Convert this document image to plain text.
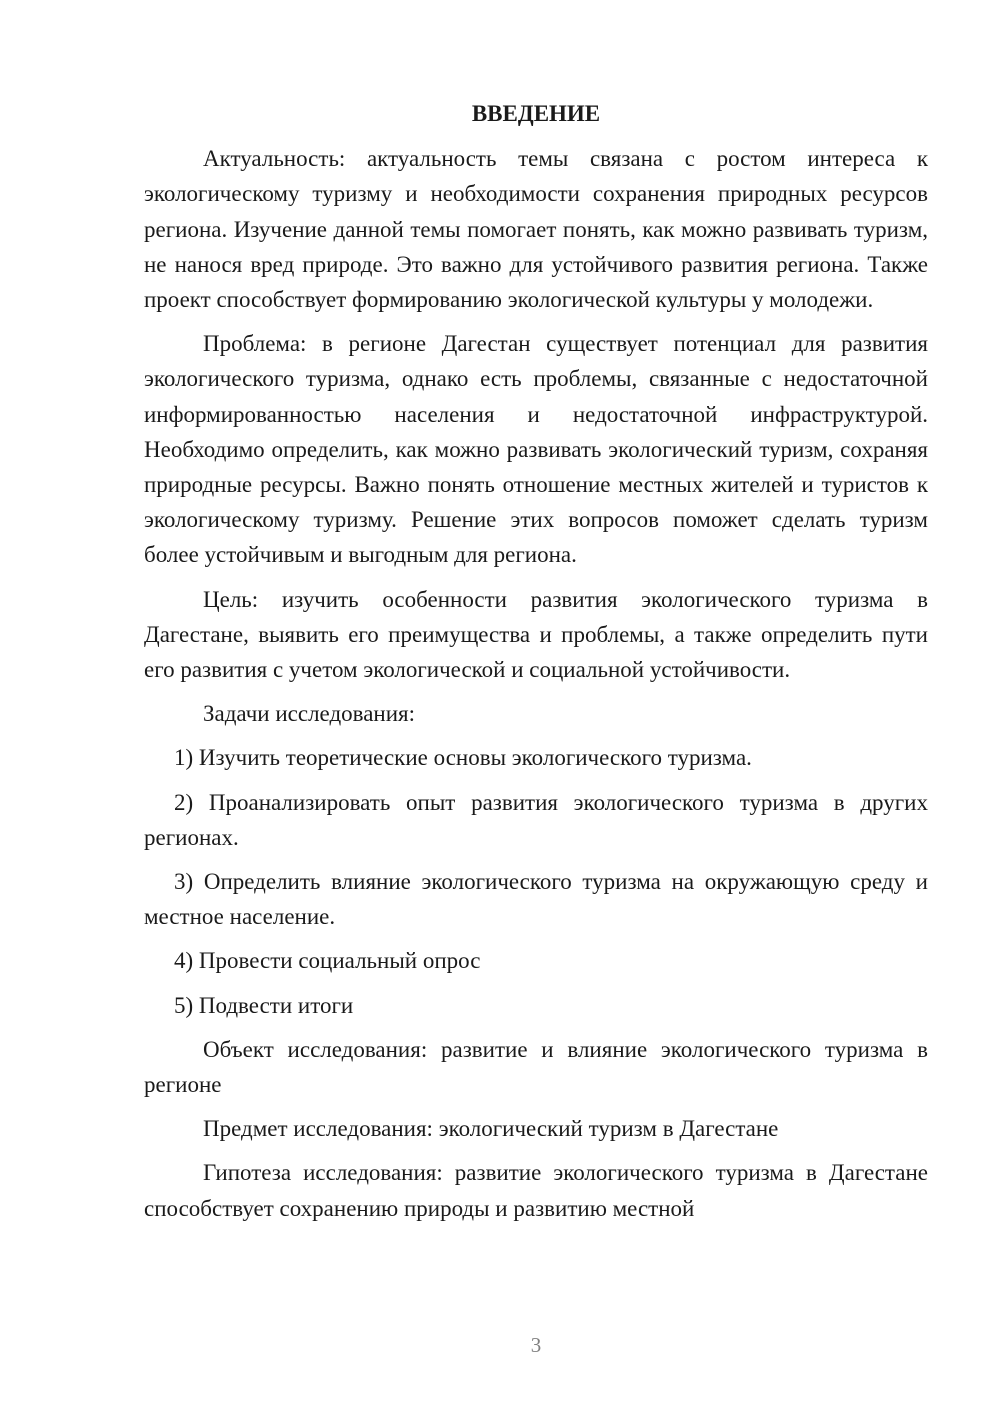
ВВЕДЕНИЕ

Актуальность: актуальность темы связана с ростом интереса к экологическому туризму и необходимости сохранения природных ресурсов региона. Изучение данной темы помогает понять, как можно развивать туризм, не нанося вред природе. Это важно для устойчивого развития региона. Также проект способствует формированию экологической культуры у молодежи.

Проблема: в регионе Дагестан существует потенциал для развития экологического туризма, однако есть проблемы, связанные с недостаточной информированностью населения и недостаточной инфраструктурой. Необходимо определить, как можно развивать экологический туризм, сохраняя природные ресурсы. Важно понять отношение местных жителей и туристов к экологическому туризму. Решение этих вопросов поможет сделать туризм более устойчивым и выгодным для региона.

Цель: изучить особенности развития экологического туризма в Дагестане, выявить его преимущества и проблемы, а также определить пути его развития с учетом экологической и социальной устойчивости.

Задачи исследования:

1) Изучить теоретические основы экологического туризма.

2) Проанализировать опыт развития экологического туризма в других регионах.

3) Определить влияние экологического туризма на окружающую среду и местное население.

4) Провести социальный опрос

5) Подвести итоги

Объект исследования: развитие и влияние экологического туризма в регионе

Предмет исследования: экологический туризм в Дагестане

Гипотеза исследования: развитие экологического туризма в Дагестане способствует сохранению природы и развитию местной

3
